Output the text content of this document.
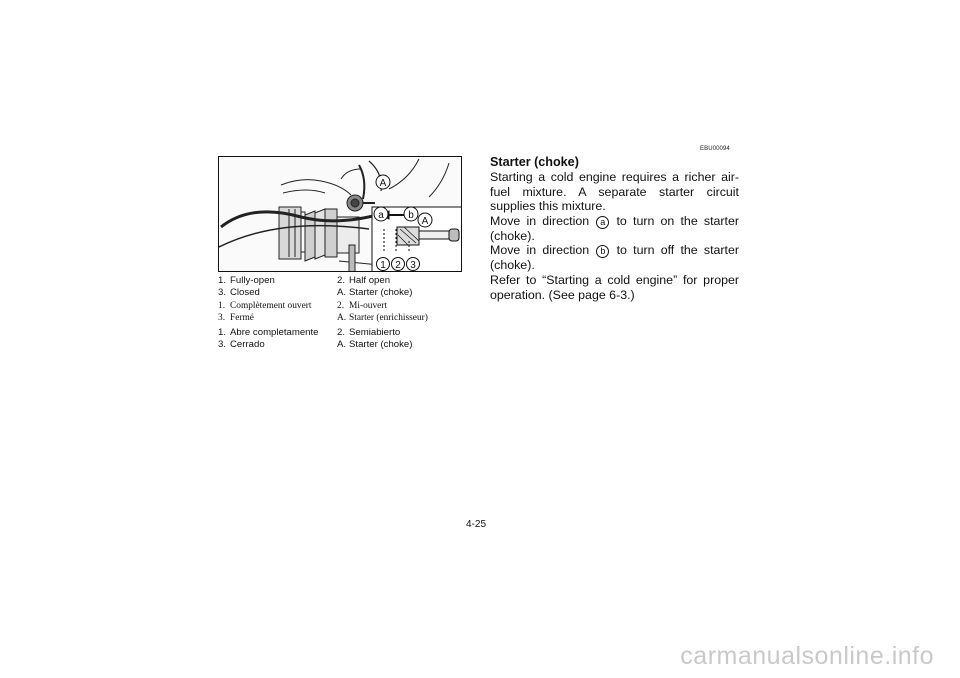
A
a b
A
1 2 3
1. Fully-open	2. Half open
3. Closed	A. Starter (choke)
1. Complètement ouvert	2. Mi-ouvert
3. Fermé	A. Starter (enrichisseur)
1. Abre completamente 2. Semiabierto
3. Cerrado	A. Starter (choke)
EBU00094
Starter (choke)

Starting a cold engine requires a richer air-fuel mixture. A separate starter circuit supplies this mixture.

Move in direction a to turn on the starter (choke).

Move in direction b to turn off the starter (choke).

Refer to “Starting a cold engine” for proper operation. (See page 6-3.)

4-25
carmanualsonline.info
